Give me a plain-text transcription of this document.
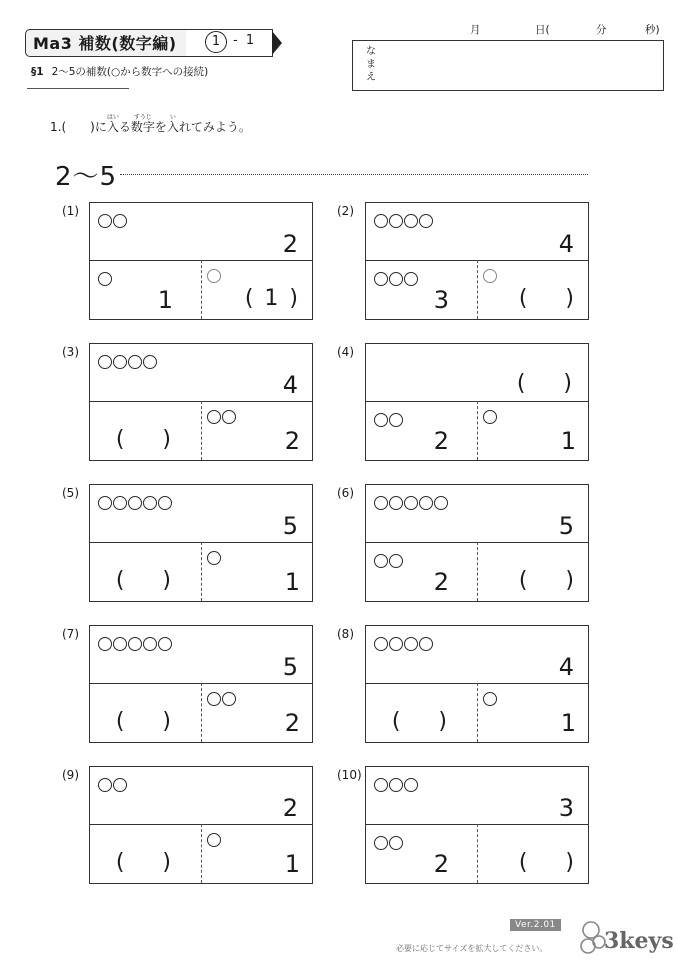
Ma3 補数(数字編)	1 - 1
§1 2〜5の補数(○から数字への接続)
月	日(	分	秒)
なまえ
1.(　　)に
はい
入る
すうじ
数字を
い
入れてみよう。
2〜5
(1)
2
1	( 1 )
(2)
4
3	(    )
(3)
4
(    )	2
(4)
(    )
2	1
(5)
5
(    )	1
(6)
5
2	(    )
(7)
5
(    )	2
(8)
4
(    )	1
(9)
2
(    )	1
(10)
3
2	(    )
Ver.2.01
必要に応じてサイズを拡大してください。	3keys
